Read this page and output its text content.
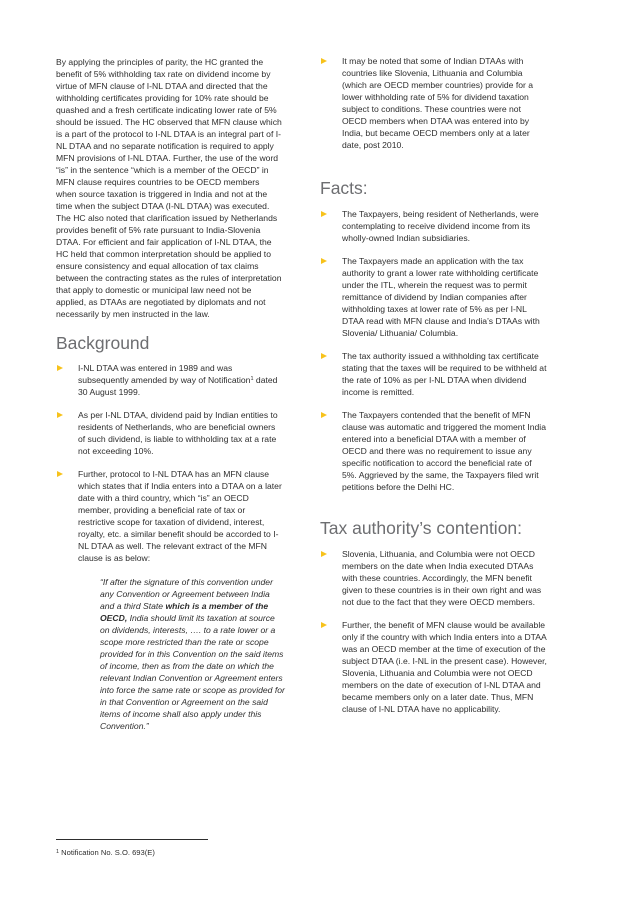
By applying the principles of parity, the HC granted the benefit of 5% withholding tax rate on dividend income by virtue of MFN clause of I-NL DTAA and directed that the withholding certificates providing for 10% rate should be quashed and a fresh certificate indicating lower rate of 5% should be issued. The HC observed that MFN clause which is a part of the protocol to I-NL DTAA is an integral part of I-NL DTAA and no separate notification is required to apply MFN provisions of I-NL DTAA. Further, the use of the word “is” in the sentence “which is a member of the OECD” in MFN clause requires countries to be OECD members when source taxation is triggered in India and not at the time when the subject DTAA (I-NL DTAA) was executed. The HC also noted that clarification issued by Netherlands provides benefit of 5% rate pursuant to India-Slovenia DTAA. For efficient and fair application of I-NL DTAA, the HC held that common interpretation should be applied to ensure consistency and equal allocation of tax claims between the contracting states as the rules of interpretation that apply to domestic or municipal law need not be applied, as DTAAs are negotiated by diplomats and not necessarily by men instructed in the law.

Background
I-NL DTAA was entered in 1989 and was subsequently amended by way of Notification$^1$ dated 30 August 1999.
As per I-NL DTAA, dividend paid by Indian entities to residents of Netherlands, who are beneficial owners of such dividend, is liable to withholding tax at a rate not exceeding 10%.
Further, protocol to I-NL DTAA has an MFN clause which states that if India enters into a DTAA on a later date with a third country, which “is” an OECD member, providing a beneficial rate of tax or restrictive scope for taxation of dividend, interest, royalty, etc. a similar benefit should be accorded to I-NL DTAA as well. The relevant extract of the MFN clause is as below:

“If after the signature of this convention under any Convention or Agreement between India and a third State which is a member of the OECD, India should limit its taxation at source on dividends, interests, …. to a rate lower or a scope more restricted than the rate or scope provided for in this Convention on the said items of income, then as from the date on which the relevant Indian Convention or Agreement enters into force the same rate or scope as provided for in that Convention or Agreement on the said items of income shall also apply under this Convention.”

It may be noted that some of Indian DTAAs with countries like Slovenia, Lithuania and Columbia (which are OECD member countries) provide for a lower withholding rate of 5% for dividend taxation subject to conditions. These countries were not OECD members when DTAA was entered into by India, but became OECD members only at a later date, post 2010.
Facts:
The Taxpayers, being resident of Netherlands, were contemplating to receive dividend income from its wholly-owned Indian subsidiaries.
The Taxpayers made an application with the tax authority to grant a lower rate withholding certificate under the ITL, wherein the request was to permit remittance of dividend by Indian companies after withholding taxes at lower rate of 5% as per I-NL DTAA read with MFN clause and India’s DTAAs with Slovenia/ Lithuania/ Columbia.
The tax authority issued a withholding tax certificate stating that the taxes will be required to be withheld at the rate of 10% as per I-NL DTAA when dividend income is remitted.
The Taxpayers contended that the benefit of MFN clause was automatic and triggered the moment India entered into a beneficial DTAA with a member of OECD and there was no requirement to issue any specific notification to accord the beneficial rate of 5%. Aggrieved by the same, the Taxpayers filed writ petitions before the Delhi HC.
Tax authority’s contention:
Slovenia, Lithuania, and Columbia were not OECD members on the date when India executed DTAAs with these countries. Accordingly, the MFN benefit given to these countries is in their own right and was not due to the fact that they were OECD members.
Further, the benefit of MFN clause would be available only if the country with which India enters into a DTAA was an OECD member at the time of execution of the subject DTAA (i.e. I-NL in the present case). However, Slovenia, Lithuania and Columbia were not OECD members on the date of execution of I-NL DTAA and became members only on a later date. Thus, MFN clause of I-NL DTAA have no applicability.
$^1$ Notification No. S.O. 693(E)
